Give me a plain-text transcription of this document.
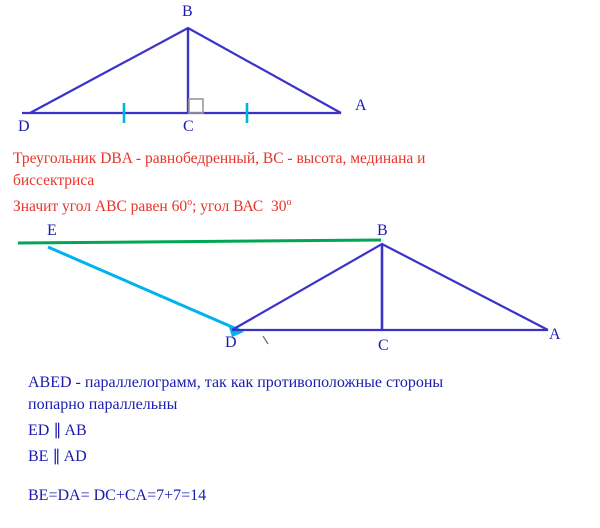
B
A
D	C
Треугольник DBA - равнобедренный, ВС - высота, мединана и
биссектриса
Значит угол ABC равен 60$^o$; угол ВАС  30$^o$
E	B
D	C
A
ABED - параллелограмм, так как противоположные стороны
попарно параллельны
ED ∥ AB
BE ∥ AD
BE=DA= DC+CA=7+7=14
